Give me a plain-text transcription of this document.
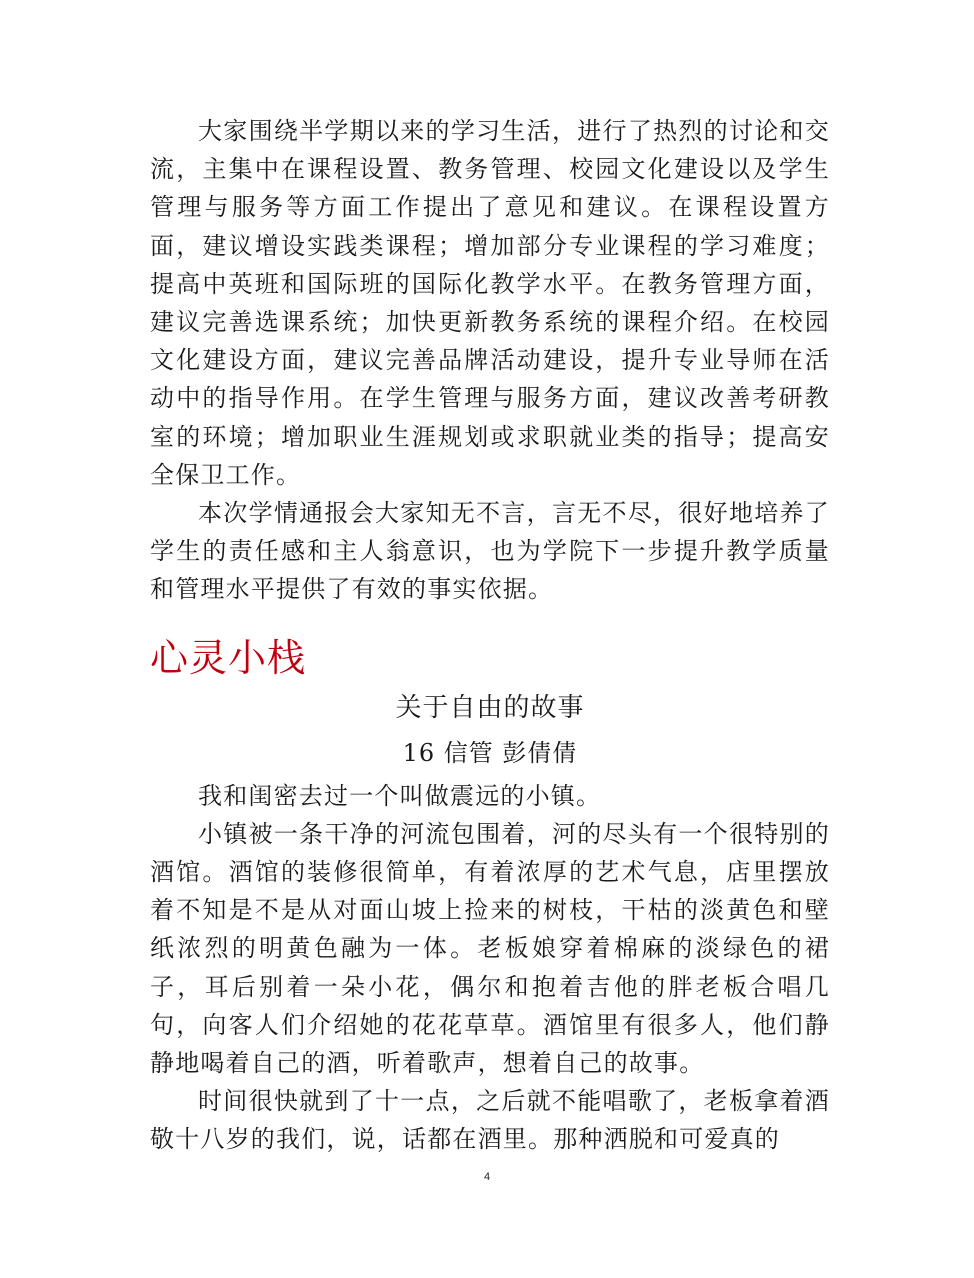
大家围绕半学期以来的学习生活，进行了热烈的讨论和交流，主集中在课程设置、教务管理、校园文化建设以及学生管理与服务等方面工作提出了意见和建议。在课程设置方面，建议增设实践类课程；增加部分专业课程的学习难度；提高中英班和国际班的国际化教学水平。在教务管理方面，建议完善选课系统；加快更新教务系统的课程介绍。在校园文化建设方面，建议完善品牌活动建设，提升专业导师在活动中的指导作用。在学生管理与服务方面，建议改善考研教室的环境；增加职业生涯规划或求职就业类的指导；提高安全保卫工作。

本次学情通报会大家知无不言，言无不尽，很好地培养了学生的责任感和主人翁意识，也为学院下一步提升教学质量和管理水平提供了有效的事实依据。

心灵小栈
关于自由的故事
16 信管 彭倩倩

我和闺密去过一个叫做震远的小镇。

小镇被一条干净的河流包围着，河的尽头有一个很特别的酒馆。酒馆的装修很简单，有着浓厚的艺术气息，店里摆放着不知是不是从对面山坡上捡来的树枝，干枯的淡黄色和壁纸浓烈的明黄色融为一体。老板娘穿着棉麻的淡绿色的裙子，耳后别着一朵小花，偶尔和抱着吉他的胖老板合唱几句，向客人们介绍她的花花草草。酒馆里有很多人，他们静静地喝着自己的酒，听着歌声，想着自己的故事。

时间很快就到了十一点，之后就不能唱歌了，老板拿着酒敬十八岁的我们，说，话都在酒里。那种洒脱和可爱真的

4
